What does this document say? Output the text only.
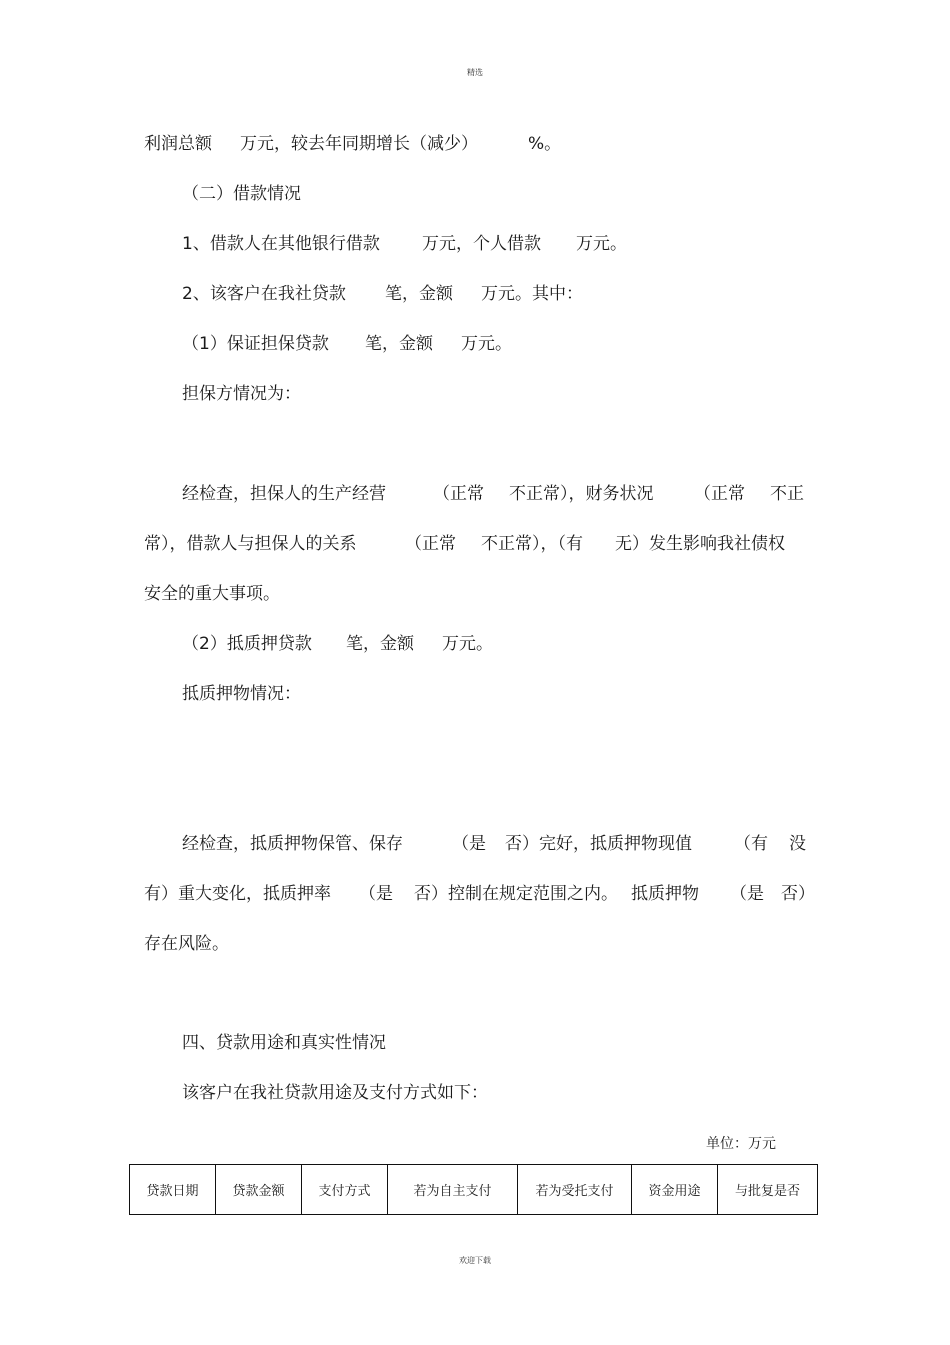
精选
利润总额 万元，较去年同期增长（减少）	%。
（二）借款情况
1、借款人在其他银行借款 万元，个人借款 万元。
2、该客户在我社贷款 笔，金额 万元。其中：
（1）保证担保贷款 笔，金额 万元。
担保方情况为：
经检查，担保人的生产经营	（正常 不正常），财务状况 （正常 不正
常），借款人与担保人的关系	（正常 不正常），（有 无）发生影响我社债权
安全的重大事项。
（2）抵质押贷款 笔，金额 万元。
抵质押物情况：
经检查，抵质押物保管、保存	（是 否）完好，抵质押物现值 （有 没
有）重大变化，抵质押率 （是 否）控制在规定范围之内。 抵质押物 （是 否）
存在风险。
四、贷款用途和真实性情况
该客户在我社贷款用途及支付方式如下：
单位：万元
贷款日期	贷款金额	支付方式	若为自主支付	若为受托支付	资金用途	与批复是否
欢迎下载
